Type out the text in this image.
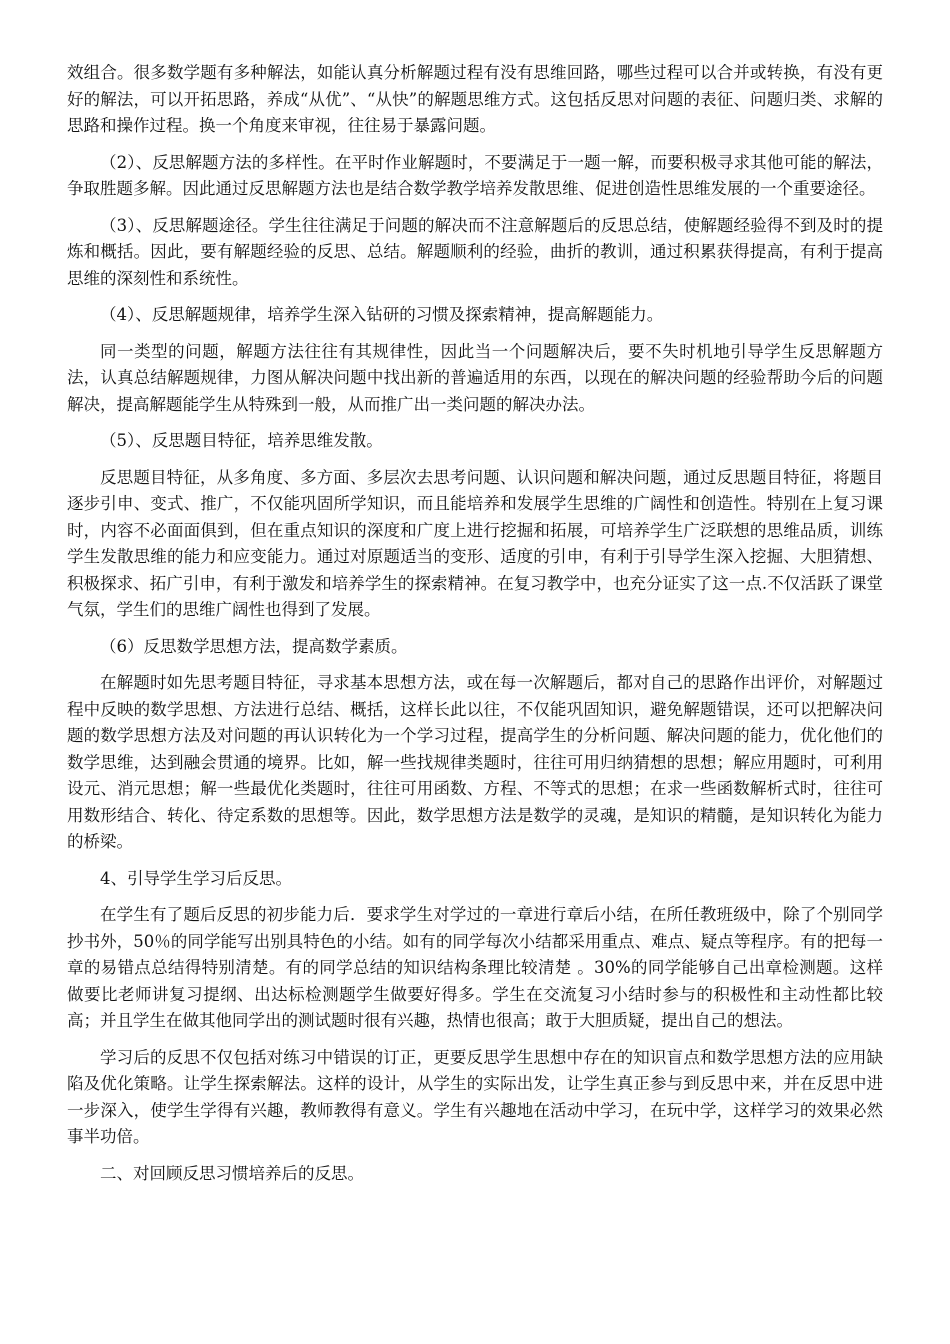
效组合。很多数学题有多种解法，如能认真分析解题过程有没有思维回路，哪些过程可以合并或转换，有没有更好的解法，可以开拓思路，养成“从优”、“从快”的解题思维方式。这包括反思对问题的表征、问题归类、求解的思路和操作过程。换一个角度来审视，往往易于暴露问题。

（2）、反思解题方法的多样性。在平时作业解题时，不要满足于一题一解，而要积极寻求其他可能的解法，争取胜题多解。因此通过反思解题方法也是结合数学教学培养发散思维、促进创造性思维发展的一个重要途径。

（3）、反思解题途径。学生往往满足于问题的解决而不注意解题后的反思总结，使解题经验得不到及时的提炼和概括。因此，要有解题经验的反思、总结。解题顺利的经验，曲折的教训，通过积累获得提高，有利于提高思维的深刻性和系统性。

（4）、反思解题规律，培养学生深入钻研的习惯及探索精神，提高解题能力。

同一类型的问题，解题方法往往有其规律性，因此当一个问题解决后，要不失时机地引导学生反思解题方法，认真总结解题规律，力图从解决问题中找出新的普遍适用的东西，以现在的解决问题的经验帮助今后的问题解决，提高解题能学生从特殊到一般，从而推广出一类问题的解决办法。

（5）、反思题目特征，培养思维发散。

反思题目特征，从多角度、多方面、多层次去思考问题、认识问题和解决问题，通过反思题目特征，将题目逐步引申、变式、推广，不仅能巩固所学知识，而且能培养和发展学生思维的广阔性和创造性。特别在上复习课时，内容不必面面俱到，但在重点知识的深度和广度上进行挖掘和拓展，可培养学生广泛联想的思维品质，训练学生发散思维的能力和应变能力。通过对原题适当的变形、适度的引申，有利于引导学生深入挖掘、大胆猜想、积极探求、拓广引申，有利于激发和培养学生的探索精神。在复习教学中，也充分证实了这一点.不仅活跃了课堂气氛，学生们的思维广阔性也得到了发展。

（6）反思数学思想方法，提高数学素质。

在解题时如先思考题目特征，寻求基本思想方法，或在每一次解题后，都对自己的思路作出评价，对解题过程中反映的数学思想、方法进行总结、概括，这样长此以往，不仅能巩固知识，避免解题错误，还可以把解决问题的数学思想方法及对问题的再认识转化为一个学习过程，提高学生的分析问题、解决问题的能力，优化他们的数学思维，达到融会贯通的境界。比如，解一些找规律类题时，往往可用归纳猜想的思想；解应用题时，可利用设元、消元思想；解一些最优化类题时，往往可用函数、方程、不等式的思想；在求一些函数解析式时，往往可用数形结合、转化、待定系数的思想等。因此，数学思想方法是数学的灵魂，是知识的精髓，是知识转化为能力的桥梁。

4、引导学生学习后反思。

在学生有了题后反思的初步能力后．要求学生对学过的一章进行章后小结，在所任教班级中，除了个别同学抄书外，50％的同学能写出别具特色的小结。如有的同学每次小结都采用重点、难点、疑点等程序。有的把每一章的易错点总结得特别清楚。有的同学总结的知识结构条理比较清楚 。30%的同学能够自己出章检测题。这样做要比老师讲复习提纲、出达标检测题学生做要好得多。学生在交流复习小结时参与的积极性和主动性都比较高；并且学生在做其他同学出的测试题时很有兴趣，热情也很高；敢于大胆质疑，提出自己的想法。

学习后的反思不仅包括对练习中错误的订正，更要反思学生思想中存在的知识盲点和数学思想方法的应用缺陷及优化策略。让学生探索解法。这样的设计，从学生的实际出发，让学生真正参与到反思中来，并在反思中进一步深入，使学生学得有兴趣，教师教得有意义。学生有兴趣地在活动中学习，在玩中学，这样学习的效果必然事半功倍。

二、对回顾反思习惯培养后的反思。
